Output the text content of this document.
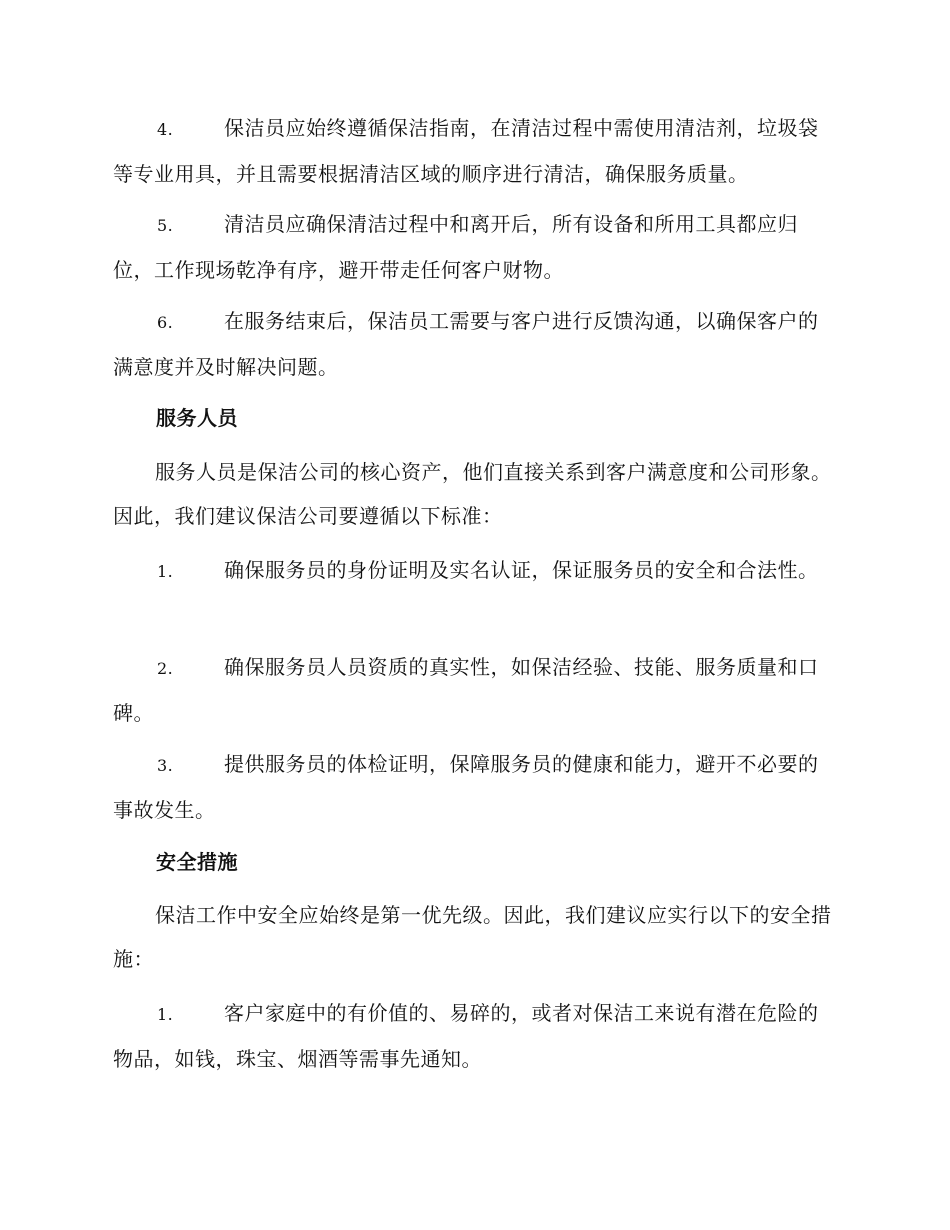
4.	保洁员应始终遵循保洁指南，在清洁过程中需使用清洁剂，垃圾袋等专业用具，并且需要根据清洁区域的顺序进行清洁，确保服务质量。
5.	清洁员应确保清洁过程中和离开后，所有设备和所用工具都应归位，工作现场乾净有序，避开带走任何客户财物。
6.	在服务结束后，保洁员工需要与客户进行反馈沟通，以确保客户的满意度并及时解决问题。
服务人员
服务人员是保洁公司的核心资产，他们直接关系到客户满意度和公司形象。因此，我们建议保洁公司要遵循以下标准：
1.	确保服务员的身份证明及实名认证，保证服务员的安全和合法性。
2.	确保服务员人员资质的真实性，如保洁经验、技能、服务质量和口碑。
3.	提供服务员的体检证明，保障服务员的健康和能力，避开不必要的事故发生。
安全措施
保洁工作中安全应始终是第一优先级。因此，我们建议应实行以下的安全措施：
1.	客户家庭中的有价值的、易碎的，或者对保洁工来说有潜在危险的物品，如钱，珠宝、烟酒等需事先通知。
